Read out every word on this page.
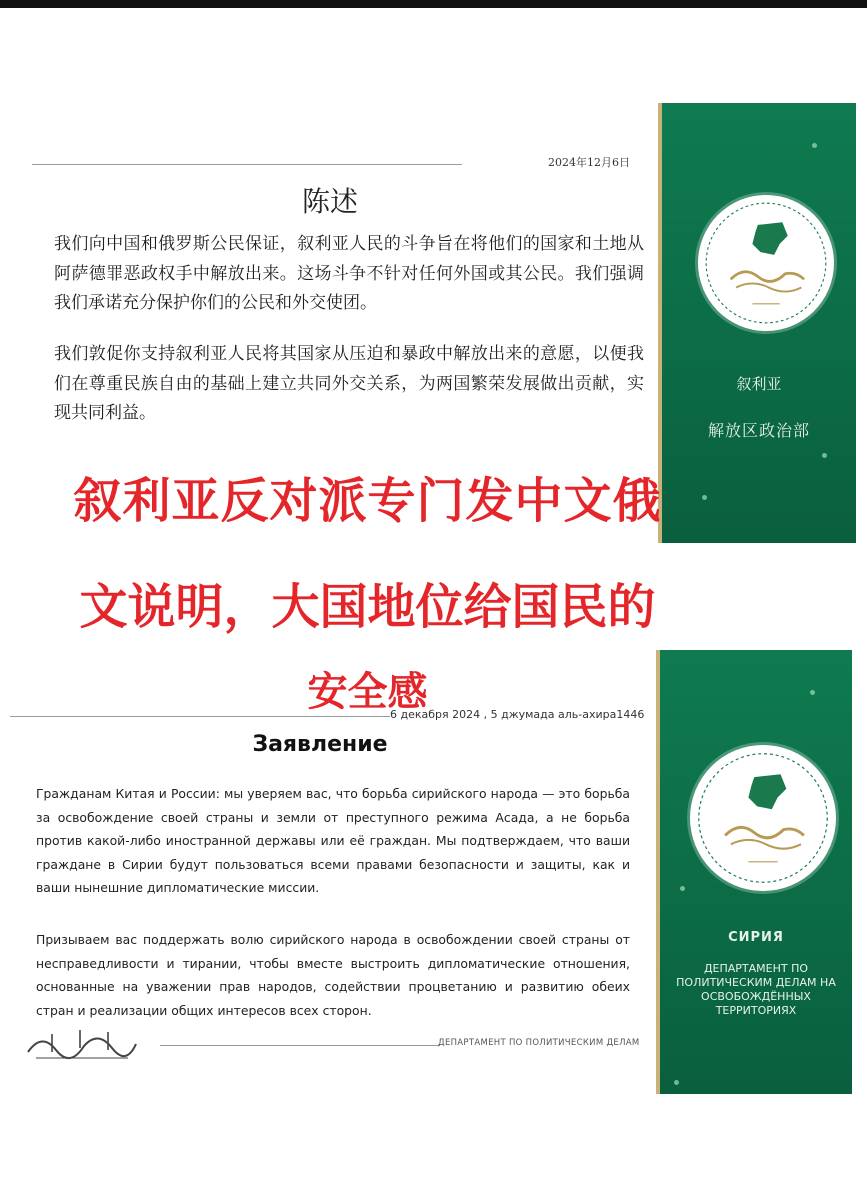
2024年12月6日
陈述

我们向中国和俄罗斯公民保证，叙利亚人民的斗争旨在将他们的国家和土地从阿萨德罪恶政权手中解放出来。这场斗争不针对任何外国或其公民。我们强调我们承诺充分保护你们的公民和外交使团。

我们敦促你支持叙利亚人民将其国家从压迫和暴政中解放出来的意愿，以便我们在尊重民族自由的基础上建立共同外交关系，为两国繁荣发展做出贡献，实现共同利益。

叙利亚
解放区政治部

叙利亚反对派专门发中文俄

文说明，大国地位给国民的

6 декабря 2024 , 5 джумада аль-ахира1446
Заявление

Гражданам Китая и России: мы уверяем вас, что борьба сирийского народа — это борьба за освобождение своей страны и земли от преступного режима Асада, а не борьба против какой-либо иностранной державы или её граждан. Мы подтверждаем, что ваши граждане в Сирии будут пользоваться всеми правами безопасности и защиты, как и ваши нынешние дипломатические миссии.

Призываем вас поддержать волю сирийского народа в освобождении своей страны от несправедливости и тирании, чтобы вместе выстроить дипломатические отношения, основанные на уважении прав народов, содействии процветанию и развитию обеих стран и реализации общих интересов всех сторон.

ДЕПАРТАМЕНТ ПО ПОЛИТИЧЕСКИМ ДЕЛАМ
СИРИЯ
ДЕПАРТАМЕНТ ПО ПОЛИТИЧЕСКИМ ДЕЛАМ НА ОСВОБОЖДЁННЫХ ТЕРРИТОРИЯХ

安全感
